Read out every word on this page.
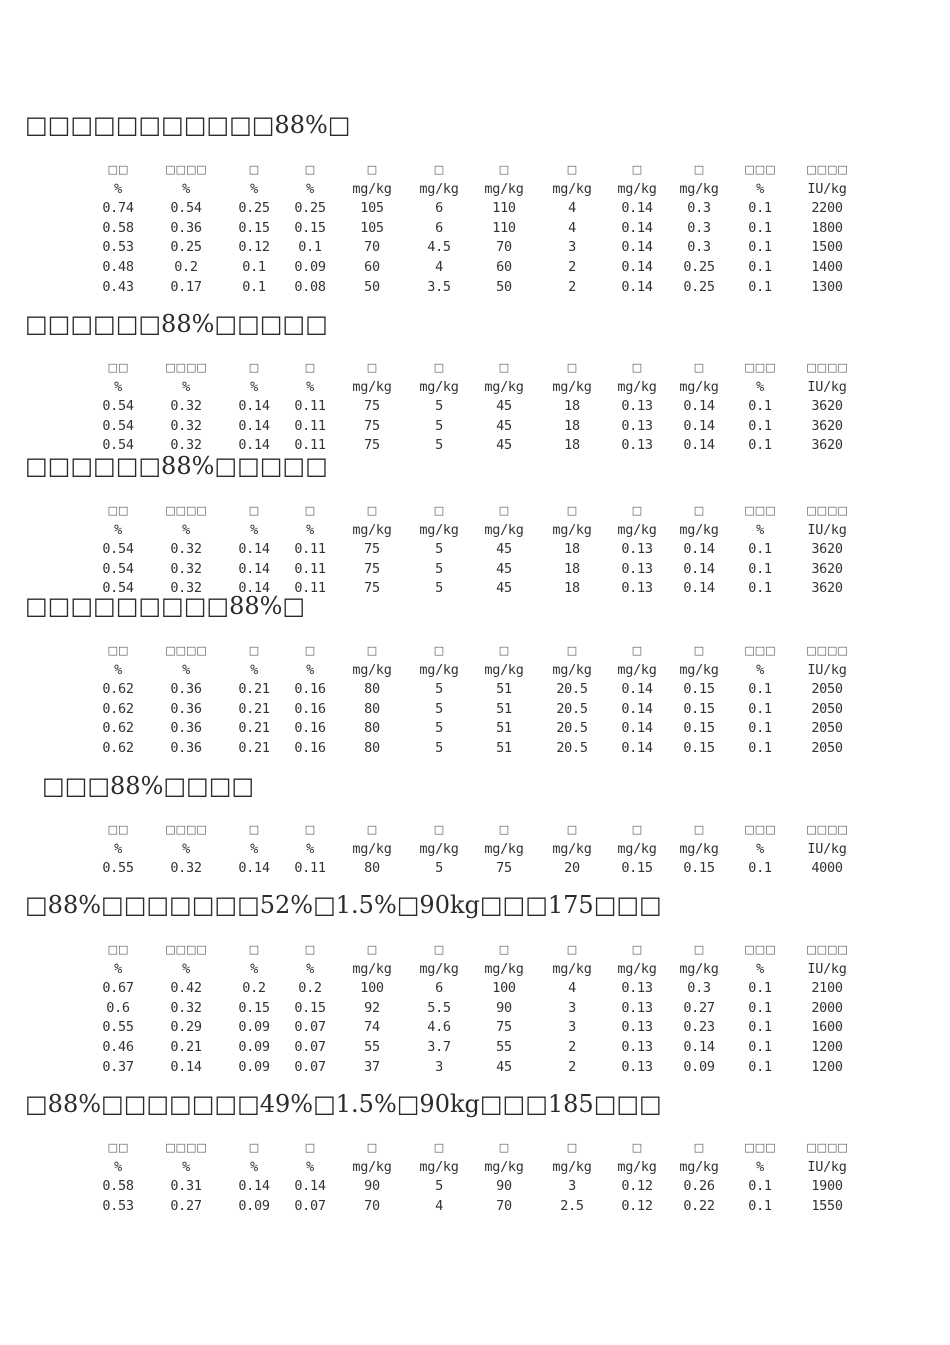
□□□□□□□□□□□88%□
□□	□□□□	□	□	□	□	□	□	□	□	□□□	□□□□
%	%	%	%	mg/kg	mg/kg	mg/kg	mg/kg	mg/kg	mg/kg	%	IU/kg
0.74	0.54	0.25	0.25	105	6	110	4	0.14	0.3	0.1	2200
0.58	0.36	0.15	0.15	105	6	110	4	0.14	0.3	0.1	1800
0.53	0.25	0.12	0.1	70	4.5	70	3	0.14	0.3	0.1	1500
0.48	0.2	0.1	0.09	60	4	60	2	0.14	0.25	0.1	1400
0.43	0.17	0.1	0.08	50	3.5	50	2	0.14	0.25	0.1	1300
□□□□□□88%□□□□□
□□	□□□□	□	□	□	□	□	□	□	□	□□□	□□□□
%	%	%	%	mg/kg	mg/kg	mg/kg	mg/kg	mg/kg	mg/kg	%	IU/kg
0.54	0.32	0.14	0.11	75	5	45	18	0.13	0.14	0.1	3620
0.54	0.32	0.14	0.11	75	5	45	18	0.13	0.14	0.1	3620
0.54	0.32	0.14	0.11	75	5	45	18	0.13	0.14	0.1	3620
□□□□□□88%□□□□□
□□	□□□□	□	□	□	□	□	□	□	□	□□□	□□□□
%	%	%	%	mg/kg	mg/kg	mg/kg	mg/kg	mg/kg	mg/kg	%	IU/kg
0.54	0.32	0.14	0.11	75	5	45	18	0.13	0.14	0.1	3620
0.54	0.32	0.14	0.11	75	5	45	18	0.13	0.14	0.1	3620
0.54	0.32	0.14	0.11	75	5	45	18	0.13	0.14	0.1	3620
□□□□□□□□□88%□
□□	□□□□	□	□	□	□	□	□	□	□	□□□	□□□□
%	%	%	%	mg/kg	mg/kg	mg/kg	mg/kg	mg/kg	mg/kg	%	IU/kg
0.62	0.36	0.21	0.16	80	5	51	20.5	0.14	0.15	0.1	2050
0.62	0.36	0.21	0.16	80	5	51	20.5	0.14	0.15	0.1	2050
0.62	0.36	0.21	0.16	80	5	51	20.5	0.14	0.15	0.1	2050
0.62	0.36	0.21	0.16	80	5	51	20.5	0.14	0.15	0.1	2050
□□□88%□□□□
□□	□□□□	□	□	□	□	□	□	□	□	□□□	□□□□
%	%	%	%	mg/kg	mg/kg	mg/kg	mg/kg	mg/kg	mg/kg	%	IU/kg
0.55	0.32	0.14	0.11	80	5	75	20	0.15	0.15	0.1	4000
□88%□□□□□□□52%□1.5%□90kg□□□175□□□
□□	□□□□	□	□	□	□	□	□	□	□	□□□	□□□□
%	%	%	%	mg/kg	mg/kg	mg/kg	mg/kg	mg/kg	mg/kg	%	IU/kg
0.67	0.42	0.2	0.2	100	6	100	4	0.13	0.3	0.1	2100
0.6	0.32	0.15	0.15	92	5.5	90	3	0.13	0.27	0.1	2000
0.55	0.29	0.09	0.07	74	4.6	75	3	0.13	0.23	0.1	1600
0.46	0.21	0.09	0.07	55	3.7	55	2	0.13	0.14	0.1	1200
0.37	0.14	0.09	0.07	37	3	45	2	0.13	0.09	0.1	1200
□88%□□□□□□□49%□1.5%□90kg□□□185□□□
□□	□□□□	□	□	□	□	□	□	□	□	□□□	□□□□
%	%	%	%	mg/kg	mg/kg	mg/kg	mg/kg	mg/kg	mg/kg	%	IU/kg
0.58	0.31	0.14	0.14	90	5	90	3	0.12	0.26	0.1	1900
0.53	0.27	0.09	0.07	70	4	70	2.5	0.12	0.22	0.1	1550
